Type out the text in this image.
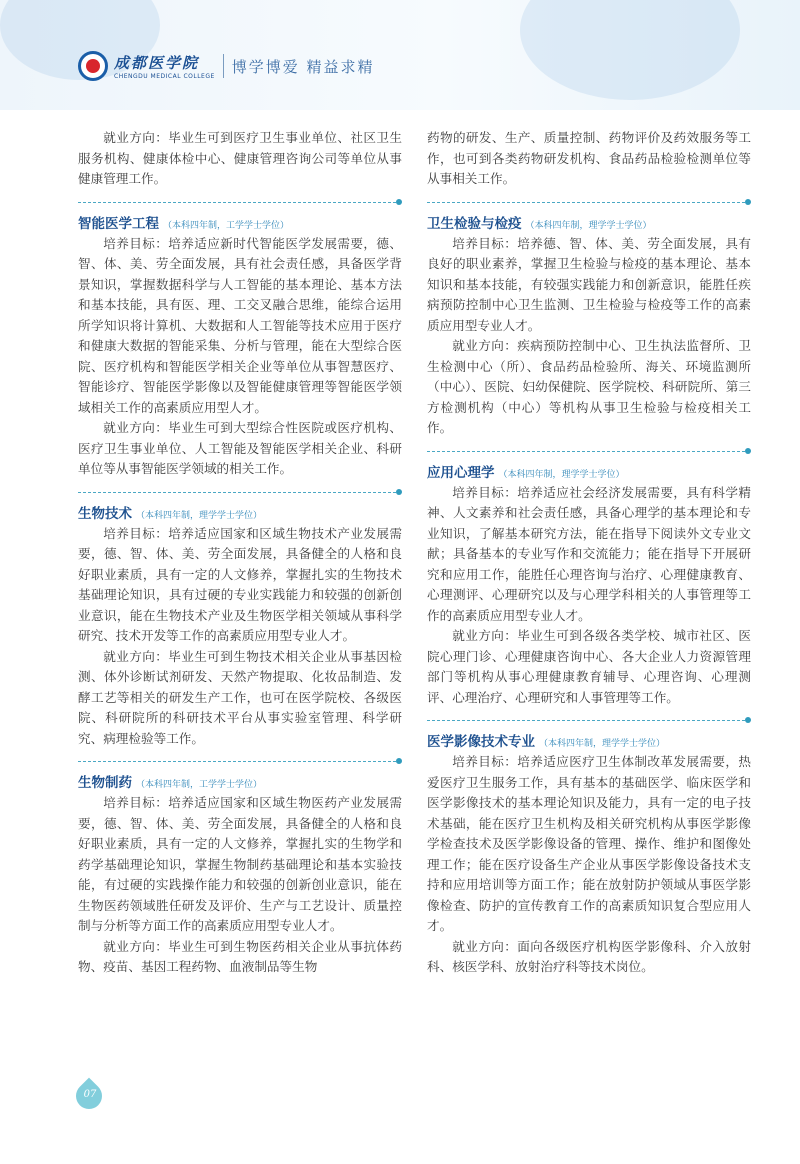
成都医学院
CHENGDU MEDICAL COLLEGE
博学博爱 精益求精

就业方向：毕业生可到医疗卫生事业单位、社区卫生服务机构、健康体检中心、健康管理咨询公司等单位从事健康管理工作。

智能医学工程 （本科四年制，工学学士学位）

培养目标：培养适应新时代智能医学发展需要，德、智、体、美、劳全面发展，具有社会责任感，具备医学背景知识，掌握数据科学与人工智能的基本理论、基本方法和基本技能，具有医、理、工交叉融合思维，能综合运用所学知识将计算机、大数据和人工智能等技术应用于医疗和健康大数据的智能采集、分析与管理，能在大型综合医院、医疗机构和智能医学相关企业等单位从事智慧医疗、智能诊疗、智能医学影像以及智能健康管理等智能医学领域相关工作的高素质应用型人才。

就业方向：毕业生可到大型综合性医院或医疗机构、医疗卫生事业单位、人工智能及智能医学相关企业、科研单位等从事智能医学领域的相关工作。

生物技术 （本科四年制，理学学士学位）

培养目标：培养适应国家和区域生物技术产业发展需要，德、智、体、美、劳全面发展，具备健全的人格和良好职业素质，具有一定的人文修养，掌握扎实的生物技术基础理论知识，具有过硬的专业实践能力和较强的创新创业意识，能在生物技术产业及生物医学相关领域从事科学研究、技术开发等工作的高素质应用型专业人才。

就业方向：毕业生可到生物技术相关企业从事基因检测、体外诊断试剂研发、天然产物提取、化妆品制造、发酵工艺等相关的研发生产工作，也可在医学院校、各级医院、科研院所的科研技术平台从事实验室管理、科学研究、病理检验等工作。

生物制药 （本科四年制，工学学士学位）

培养目标：培养适应国家和区域生物医药产业发展需要，德、智、体、美、劳全面发展，具备健全的人格和良好职业素质，具有一定的人文修养，掌握扎实的生物学和药学基础理论知识，掌握生物制药基础理论和基本实验技能，有过硬的实践操作能力和较强的创新创业意识，能在生物医药领域胜任研发及评价、生产与工艺设计、质量控制与分析等方面工作的高素质应用型专业人才。

就业方向：毕业生可到生物医药相关企业从事抗体药物、疫苗、基因工程药物、血液制品等生物

药物的研发、生产、质量控制、药物评价及药效服务等工作，也可到各类药物研发机构、食品药品检验检测单位等从事相关工作。

卫生检验与检疫 （本科四年制，理学学士学位）

培养目标：培养德、智、体、美、劳全面发展，具有良好的职业素养，掌握卫生检验与检疫的基本理论、基本知识和基本技能，有较强实践能力和创新意识，能胜任疾病预防控制中心卫生监测、卫生检验与检疫等工作的高素质应用型专业人才。

就业方向：疾病预防控制中心、卫生执法监督所、卫生检测中心（所）、食品药品检验所、海关、环境监测所（中心）、医院、妇幼保健院、医学院校、科研院所、第三方检测机构（中心）等机构从事卫生检验与检疫相关工作。

应用心理学 （本科四年制，理学学士学位）

培养目标：培养适应社会经济发展需要，具有科学精神、人文素养和社会责任感，具备心理学的基本理论和专业知识，了解基本研究方法，能在指导下阅读外文专业文献；具备基本的专业写作和交流能力；能在指导下开展研究和应用工作，能胜任心理咨询与治疗、心理健康教育、心理测评、心理研究以及与心理学科相关的人事管理等工作的高素质应用型专业人才。

就业方向：毕业生可到各级各类学校、城市社区、医院心理门诊、心理健康咨询中心、各大企业人力资源管理部门等机构从事心理健康教育辅导、心理咨询、心理测评、心理治疗、心理研究和人事管理等工作。

医学影像技术专业 （本科四年制，理学学士学位）

培养目标：培养适应医疗卫生体制改革发展需要，热爱医疗卫生服务工作，具有基本的基础医学、临床医学和医学影像技术的基本理论知识及能力，具有一定的电子技术基础，能在医疗卫生机构及相关研究机构从事医学影像学检查技术及医学影像设备的管理、操作、维护和图像处理工作；能在医疗设备生产企业从事医学影像设备技术支持和应用培训等方面工作；能在放射防护领域从事医学影像检查、防护的宣传教育工作的高素质知识复合型应用人才。

就业方向：面向各级医疗机构医学影像科、介入放射科、核医学科、放射治疗科等技术岗位。

07
